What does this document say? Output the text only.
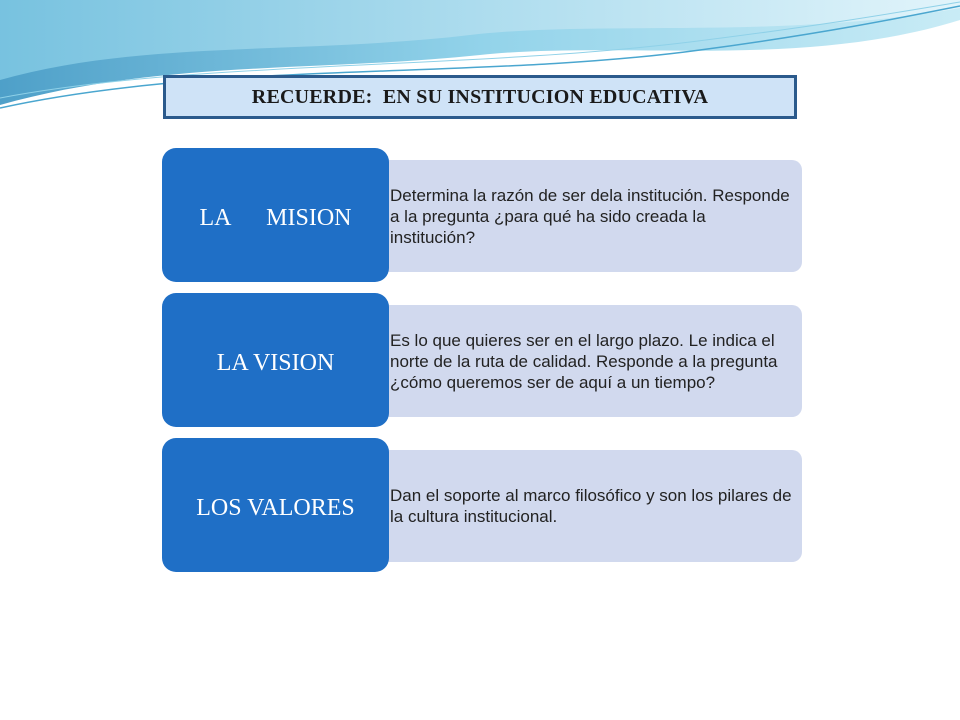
RECUERDE:  EN SU INSTITUCION EDUCATIVA

Determina la razón de ser dela institución. Responde a la pregunta ¿para qué ha sido creada la institución?

LA      MISION

Es lo que quieres ser en el largo plazo. Le indica el norte de la ruta de calidad. Responde a la pregunta ¿cómo queremos ser de aquí a un tiempo?

LA VISION

Dan el soporte al marco filosófico y son los pilares de la cultura institucional.

LOS VALORES
